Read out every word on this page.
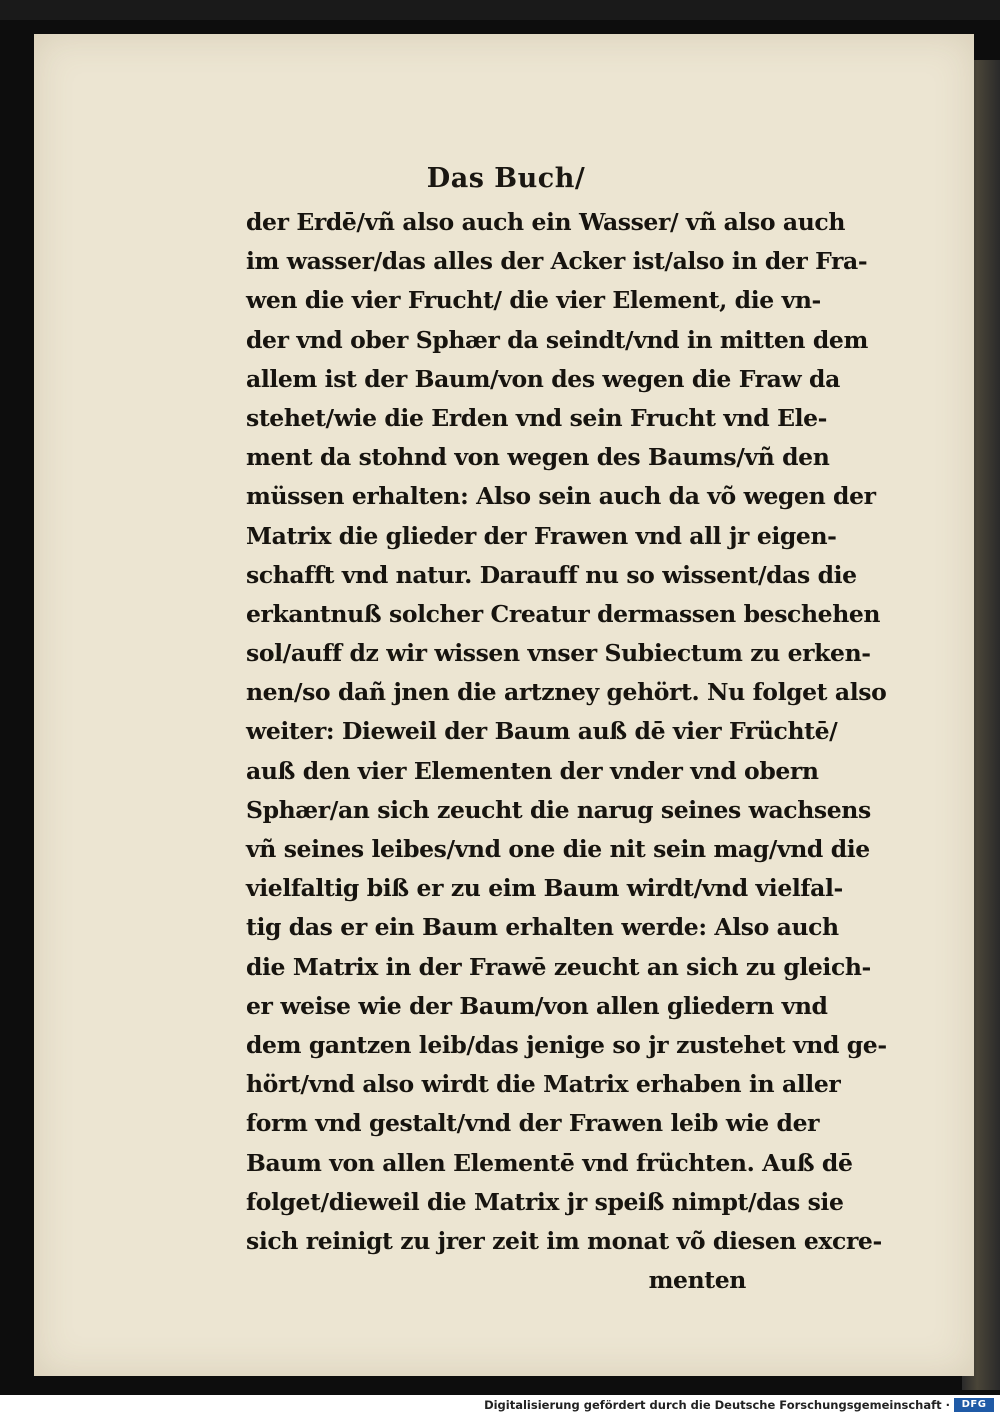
Das Buch/
der Erdē/vñ also auch ein Wasser/ vñ also auch
im wasser/das alles der Acker ist/also in der Fra-
wen die vier Frucht/ die vier Element, die vn-
der vnd ober Sphær da seindt/vnd in mitten dem
allem ist der Baum/von des wegen die Fraw da
stehet/wie die Erden vnd sein Frucht vnd Ele-
ment da stohnd von wegen des Baums/vñ den
müssen erhalten: Also sein auch da võ wegen der
Matrix die glieder der Frawen vnd all jr eigen-
schafft vnd natur. Darauff nu so wissent/das die
erkantnuß solcher Creatur dermassen beschehen
sol/auff dz wir wissen vnser Subiectum zu erken-
nen/so dañ jnen die artzney gehört. Nu folget also
weiter: Dieweil der Baum auß dē vier Früchtē/
auß den vier Elementen der vnder vnd obern
Sphær/an sich zeucht die narug seines wachsens
vñ seines leibes/vnd one die nit sein mag/vnd die
vielfaltig biß er zu eim Baum wirdt/vnd vielfal-
tig das er ein Baum erhalten werde: Also auch
die Matrix in der Frawē zeucht an sich zu gleich-
er weise wie der Baum/von allen gliedern vnd
dem gantzen leib/das jenige so jr zustehet vnd ge-
hört/vnd also wirdt die Matrix erhaben in aller
form vnd gestalt/vnd der Frawen leib wie der
Baum von allen Elementē vnd früchten. Auß dē
folget/dieweil die Matrix jr speiß nimpt/das sie
sich reinigt zu jrer zeit im monat võ diesen excre-
menten
Digitalisierung gefördert durch die Deutsche Forschungsgemeinschaft ·	DFG
